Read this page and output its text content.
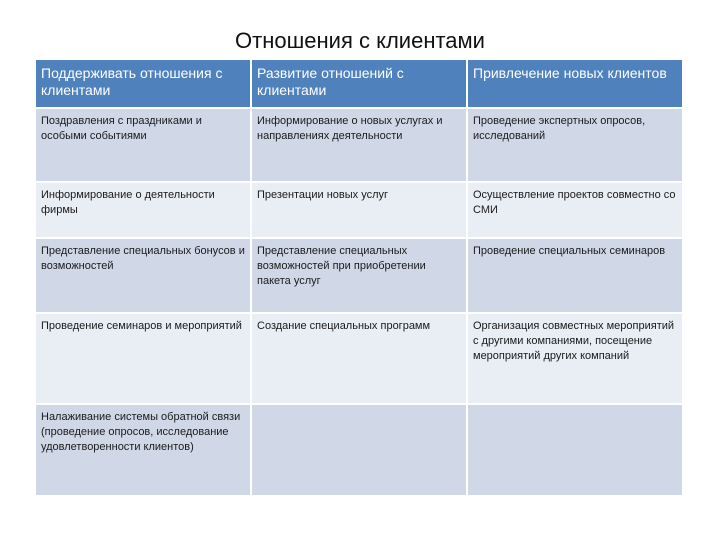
Отношения с клиентами
Поддерживать отношения с клиентами	Развитие отношений с клиентами	Привлечение новых клиентов
Поздравления с праздниками и особыми событиями	Информирование о новых услугах и направлениях деятельности	Проведение экспертных опросов, исследований
Информирование о деятельности фирмы	Презентации новых услуг	Осуществление проектов совместно со СМИ
Представление специальных бонусов и возможностей	Представление специальных возможностей при приобретении пакета услуг	Проведение специальных семинаров
Проведение семинаров и мероприятий	Создание специальных программ	Организация совместных мероприятий с другими компаниями, посещение мероприятий других компаний
Налаживание системы обратной связи (проведение опросов, исследование удовлетворенности клиентов)		
